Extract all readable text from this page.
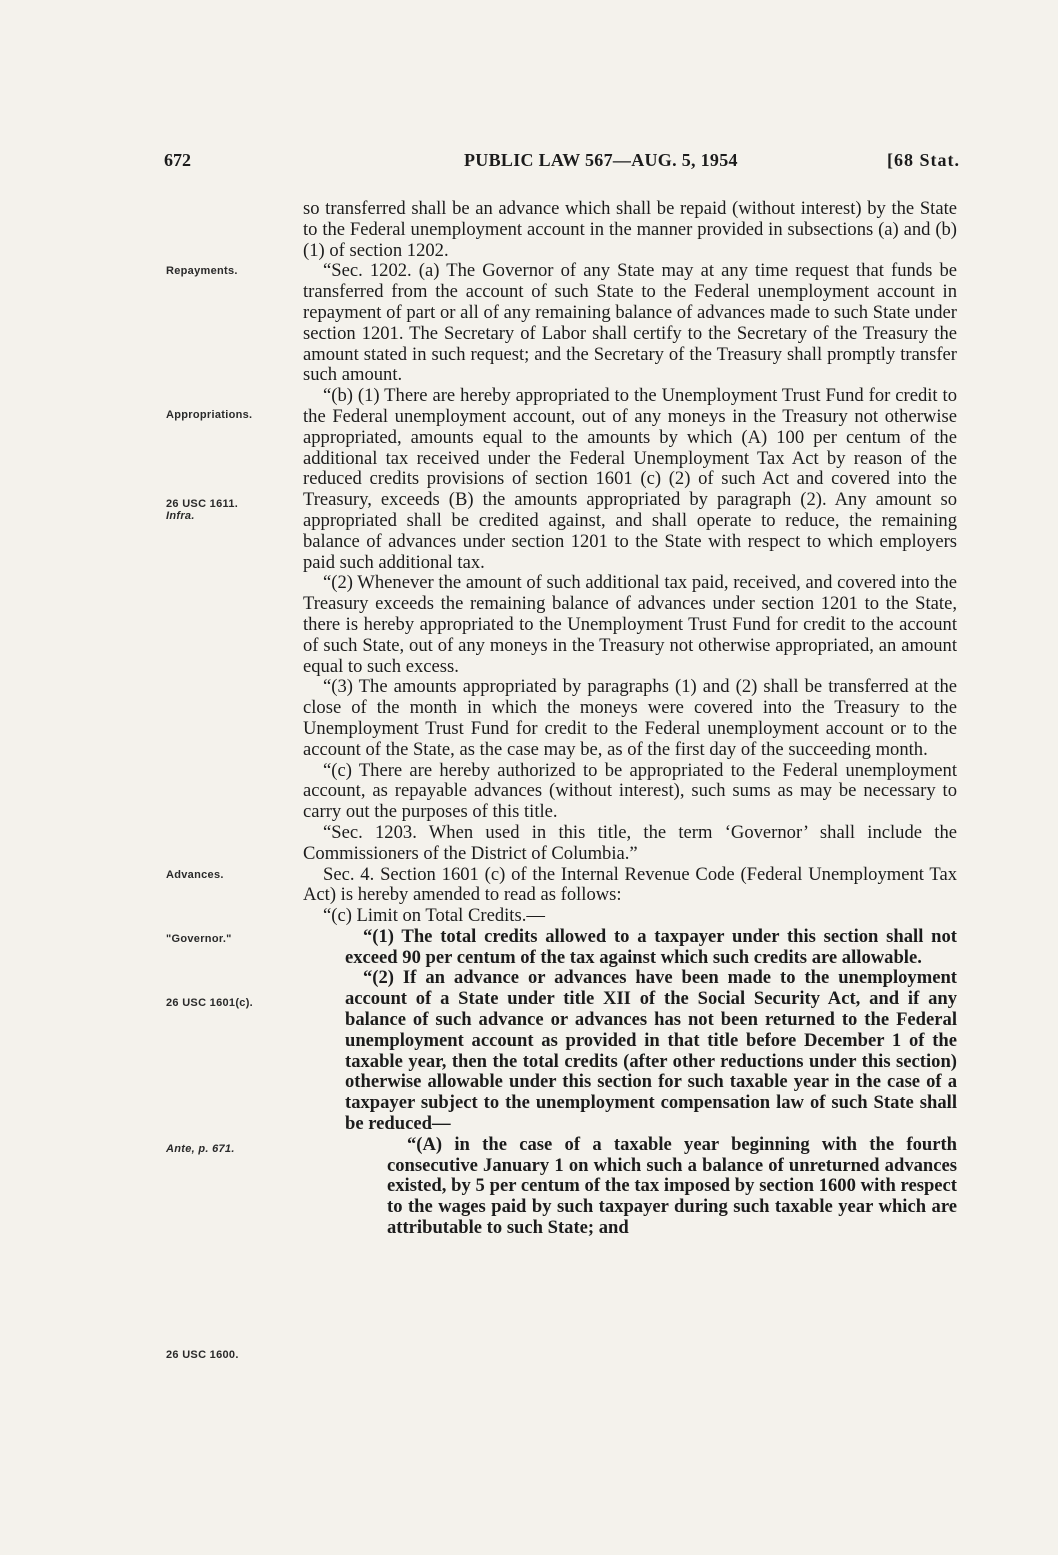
672	PUBLIC LAW 567—AUG. 5, 1954	[68 Stat.
Repayments.
Appropriations.
26 USC 1611.
Infra.
Advances.
"Governor."
26 USC 1601(c).
Ante, p. 671.
26 USC 1600.

so transferred shall be an advance which shall be repaid (without interest) by the State to the Federal unemployment account in the manner provided in subsections (a) and (b) (1) of section 1202.

“Sec. 1202. (a) The Governor of any State may at any time request that funds be transferred from the account of such State to the Federal unemployment account in repayment of part or all of any remaining balance of advances made to such State under section 1201. The Secretary of Labor shall certify to the Secretary of the Treasury the amount stated in such request; and the Secretary of the Treasury shall promptly transfer such amount.

“(b) (1) There are hereby appropriated to the Unemployment Trust Fund for credit to the Federal unemployment account, out of any moneys in the Treasury not otherwise appropriated, amounts equal to the amounts by which (A) 100 per centum of the additional tax received under the Federal Unemployment Tax Act by reason of the reduced credits provisions of section 1601 (c) (2) of such Act and covered into the Treasury, exceeds (B) the amounts appropriated by paragraph (2). Any amount so appropriated shall be credited against, and shall operate to reduce, the remaining balance of advances under section 1201 to the State with respect to which employers paid such additional tax.

“(2) Whenever the amount of such additional tax paid, received, and covered into the Treasury exceeds the remaining balance of advances under section 1201 to the State, there is hereby appropriated to the Unemployment Trust Fund for credit to the account of such State, out of any moneys in the Treasury not otherwise appropriated, an amount equal to such excess.

“(3) The amounts appropriated by paragraphs (1) and (2) shall be transferred at the close of the month in which the moneys were covered into the Treasury to the Unemployment Trust Fund for credit to the Federal unemployment account or to the account of the State, as the case may be, as of the first day of the succeeding month.

“(c) There are hereby authorized to be appropriated to the Federal unemployment account, as repayable advances (without interest), such sums as may be necessary to carry out the purposes of this title.

“Sec. 1203. When used in this title, the term ‘Governor’ shall include the Commissioners of the District of Columbia.”

Sec. 4. Section 1601 (c) of the Internal Revenue Code (Federal Unemployment Tax Act) is hereby amended to read as follows:

“(c) Limit on Total Credits.—

“(1) The total credits allowed to a taxpayer under this section shall not exceed 90 per centum of the tax against which such credits are allowable.

“(2) If an advance or advances have been made to the unemployment account of a State under title XII of the Social Security Act, and if any balance of such advance or advances has not been returned to the Federal unemployment account as provided in that title before December 1 of the taxable year, then the total credits (after other reductions under this section) otherwise allowable under this section for such taxable year in the case of a taxpayer subject to the unemployment compensation law of such State shall be reduced—

“(A) in the case of a taxable year beginning with the fourth consecutive January 1 on which such a balance of unreturned advances existed, by 5 per centum of the tax imposed by section 1600 with respect to the wages paid by such taxpayer during such taxable year which are attributable to such State; and
